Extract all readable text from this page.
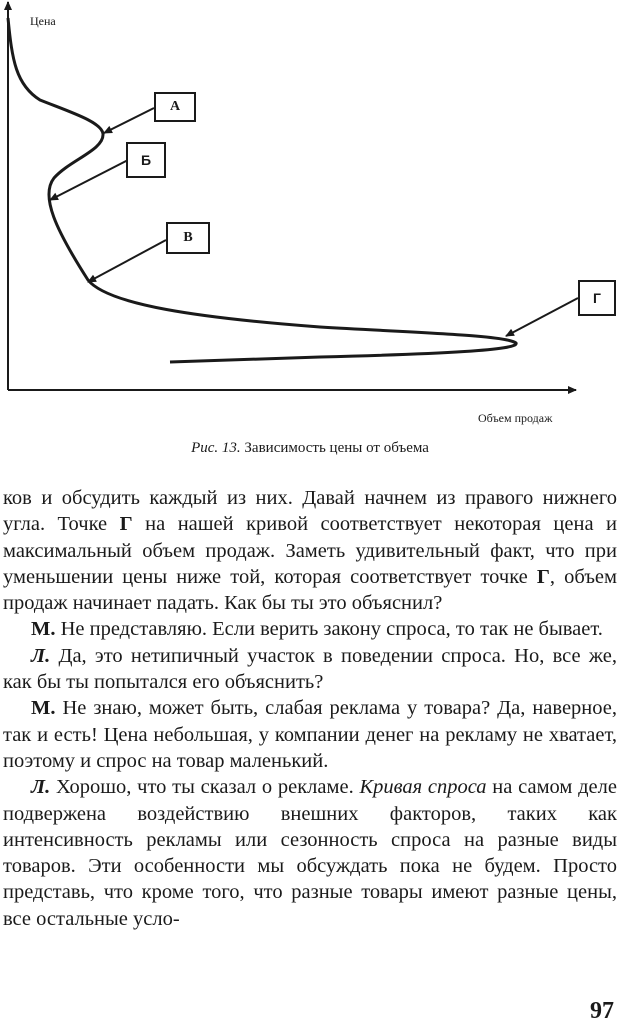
Цена
Объем продаж
А
Б
В
Г
Рис. 13. Зависимость цены от объема

ков и обсудить каждый из них. Давай начнем из правого нижнего угла. Точке Г на нашей кривой соответствует некоторая цена и максимальный объем продаж. Заметь удивительный факт, что при уменьшении цены ниже той, которая соответствует точке Г, объем продаж начинает падать. Как бы ты это объяснил?

М. Не представляю. Если верить закону спроса, то так не бывает.

Л. Да, это нетипичный участок в поведении спроса. Но, все же, как бы ты попытался его объяснить?

М. Не знаю, может быть, слабая реклама у товара? Да, наверное, так и есть! Цена небольшая, у компании денег на рекламу не хватает, поэтому и спрос на товар маленький.

Л. Хорошо, что ты сказал о рекламе. Кривая спроса на самом деле подвержена воздействию внешних факторов, таких как интенсивность рекламы или сезонность спроса на разные виды товаров. Эти особенности мы обсуждать пока не будем. Просто представь, что кроме того, что разные товары имеют разные цены, все остальные усло-

97
